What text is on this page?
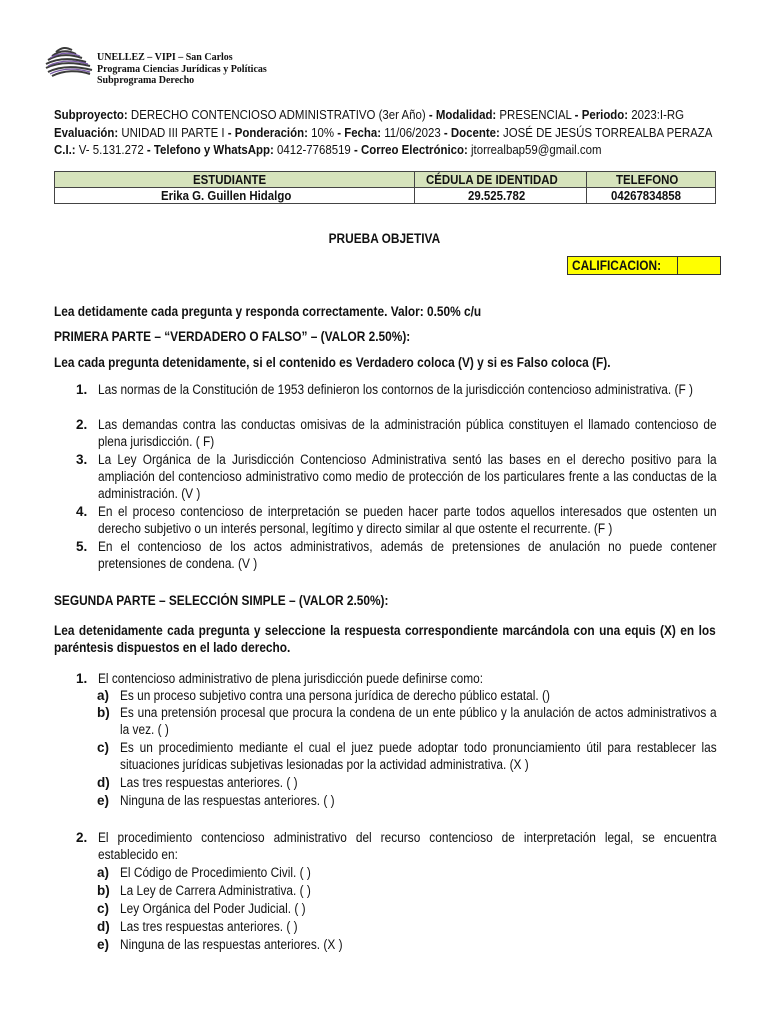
UNELLEZ – VIPI – San Carlos
Programa Ciencias Jurídicas y Políticas
Subprograma Derecho
Subproyecto: DERECHO CONTENCIOSO ADMINISTRATIVO (3er Año) - Modalidad: PRESENCIAL - Periodo: 2023:I-RG
Evaluación: UNIDAD III PARTE I - Ponderación: 10% - Fecha: 11/06/2023 - Docente: JOSÉ DE JESÚS TORREALBA PERAZA
C.I.: V- 5.131.272 - Telefono y WhatsApp: 0412-7768519 - Correo Electrónico: jtorrealbap59@gmail.com
ESTUDIANTE	CÉDULA DE IDENTIDAD	TELEFONO
Erika G. Guillen Hidalgo	29.525.782	04267834858
PRUEBA OBJETIVA
CALIFICACION:
Lea detidamente cada pregunta y responda correctamente. Valor: 0.50% c/u
PRIMERA PARTE – “VERDADERO O FALSO” – (VALOR 2.50%):
Lea cada pregunta detenidamente, si el contenido es Verdadero coloca (V) y si es Falso coloca (F).
1. Las normas de la Constitución de 1953 definieron los contornos de la jurisdicción contencioso administrativa. (F )
2. Las demandas contra las conductas omisivas de la administración pública constituyen el llamado contencioso de plena jurisdicción. ( F)
3. La Ley Orgánica de la Jurisdicción Contencioso Administrativa sentó las bases en el derecho positivo para la ampliación del contencioso administrativo como medio de protección de los particulares frente a las conductas de la administración. (V )
4. En el proceso contencioso de interpretación se pueden hacer parte todos aquellos interesados que ostenten un derecho subjetivo o un interés personal, legítimo y directo similar al que ostente el recurrente. (F )
5. En el contencioso de los actos administrativos, además de pretensiones de anulación no puede contener pretensiones de condena. (V )
SEGUNDA PARTE – SELECCIÓN SIMPLE – (VALOR 2.50%):
Lea detenidamente cada pregunta y seleccione la respuesta correspondiente marcándola con una equis (X) en los paréntesis dispuestos en el lado derecho.
1. El contencioso administrativo de plena jurisdicción puede definirse como:
a) Es un proceso subjetivo contra una persona jurídica de derecho público estatal. ()
b) Es una pretensión procesal que procura la condena de un ente público y la anulación de actos administrativos a la vez. ( )
c) Es un procedimiento mediante el cual el juez puede adoptar todo pronunciamiento útil para restablecer las situaciones jurídicas subjetivas lesionadas por la actividad administrativa. (X )
d) Las tres respuestas anteriores. ( )
e) Ninguna de las respuestas anteriores. ( )
2. El procedimiento contencioso administrativo del recurso contencioso de interpretación legal, se encuentra establecido en:
a) El Código de Procedimiento Civil. ( )
b) La Ley de Carrera Administrativa. ( )
c) Ley Orgánica del Poder Judicial. ( )
d) Las tres respuestas anteriores. ( )
e) Ninguna de las respuestas anteriores. (X )
